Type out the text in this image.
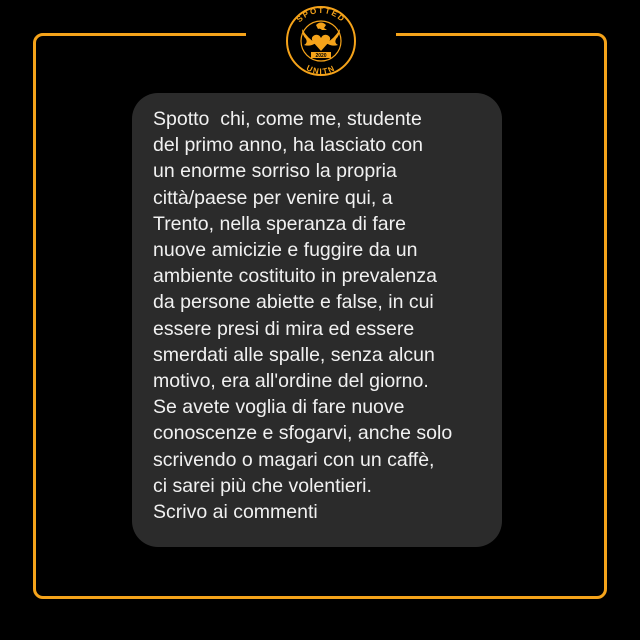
2020
SPOTTED
UNITN
Spotto  chi, come me, studente
del primo anno, ha lasciato con
un enorme sorriso la propria
città/paese per venire qui, a
Trento, nella speranza di fare
nuove amicizie e fuggire da un
ambiente costituito in prevalenza
da persone abiette e false, in cui
essere presi di mira ed essere
smerdati alle spalle, senza alcun
motivo, era all'ordine del giorno.
Se avete voglia di fare nuove
conoscenze e sfogarvi, anche solo
scrivendo o magari con un caffè,
ci sarei più che volentieri.
Scrivo ai commenti
